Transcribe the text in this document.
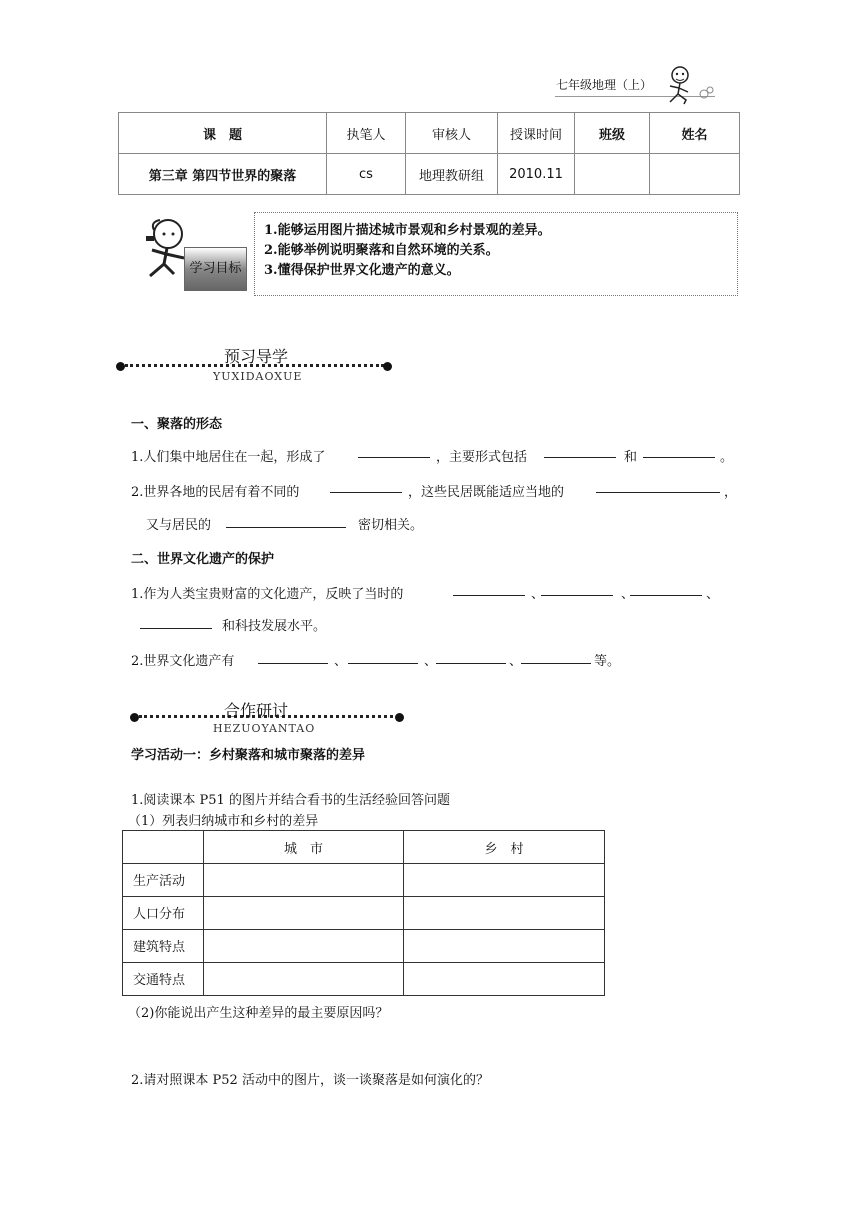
七年级地理（上）
课　题	执笔人	审核人	授课时间	班级	姓名
第三章 第四节世界的聚落	cs	地理教研组	2010.11		
学习目标
1.能够运用图片描述城市景观和乡村景观的差异。
2.能够举例说明聚落和自然环境的关系。
3.懂得保护世界文化遗产的意义。
预习导学
YUXIDAOXUE
一、聚落的形态
1.人们集中地居住在一起，形成了	，主要形式包括	和	。
2.世界各地的民居有着不同的	，这些民居既能适应当地的	，
又与居民的	密切相关。
二、世界文化遗产的保护
1.作为人类宝贵财富的文化遗产，反映了当时的	、	、	、
和科技发展水平。
2.世界文化遗产有	、	、	、	等。
合作研讨
HEZUOYANTAO
学习活动一：乡村聚落和城市聚落的差异
1.阅读课本 P51 的图片并结合看书的生活经验回答问题
（1）列表归纳城市和乡村的差异
	城　市	乡　村
生产活动		
人口分布		
建筑特点		
交通特点		
（2)你能说出产生这种差异的最主要原因吗？
2.请对照课本 P52 活动中的图片，谈一谈聚落是如何演化的？
